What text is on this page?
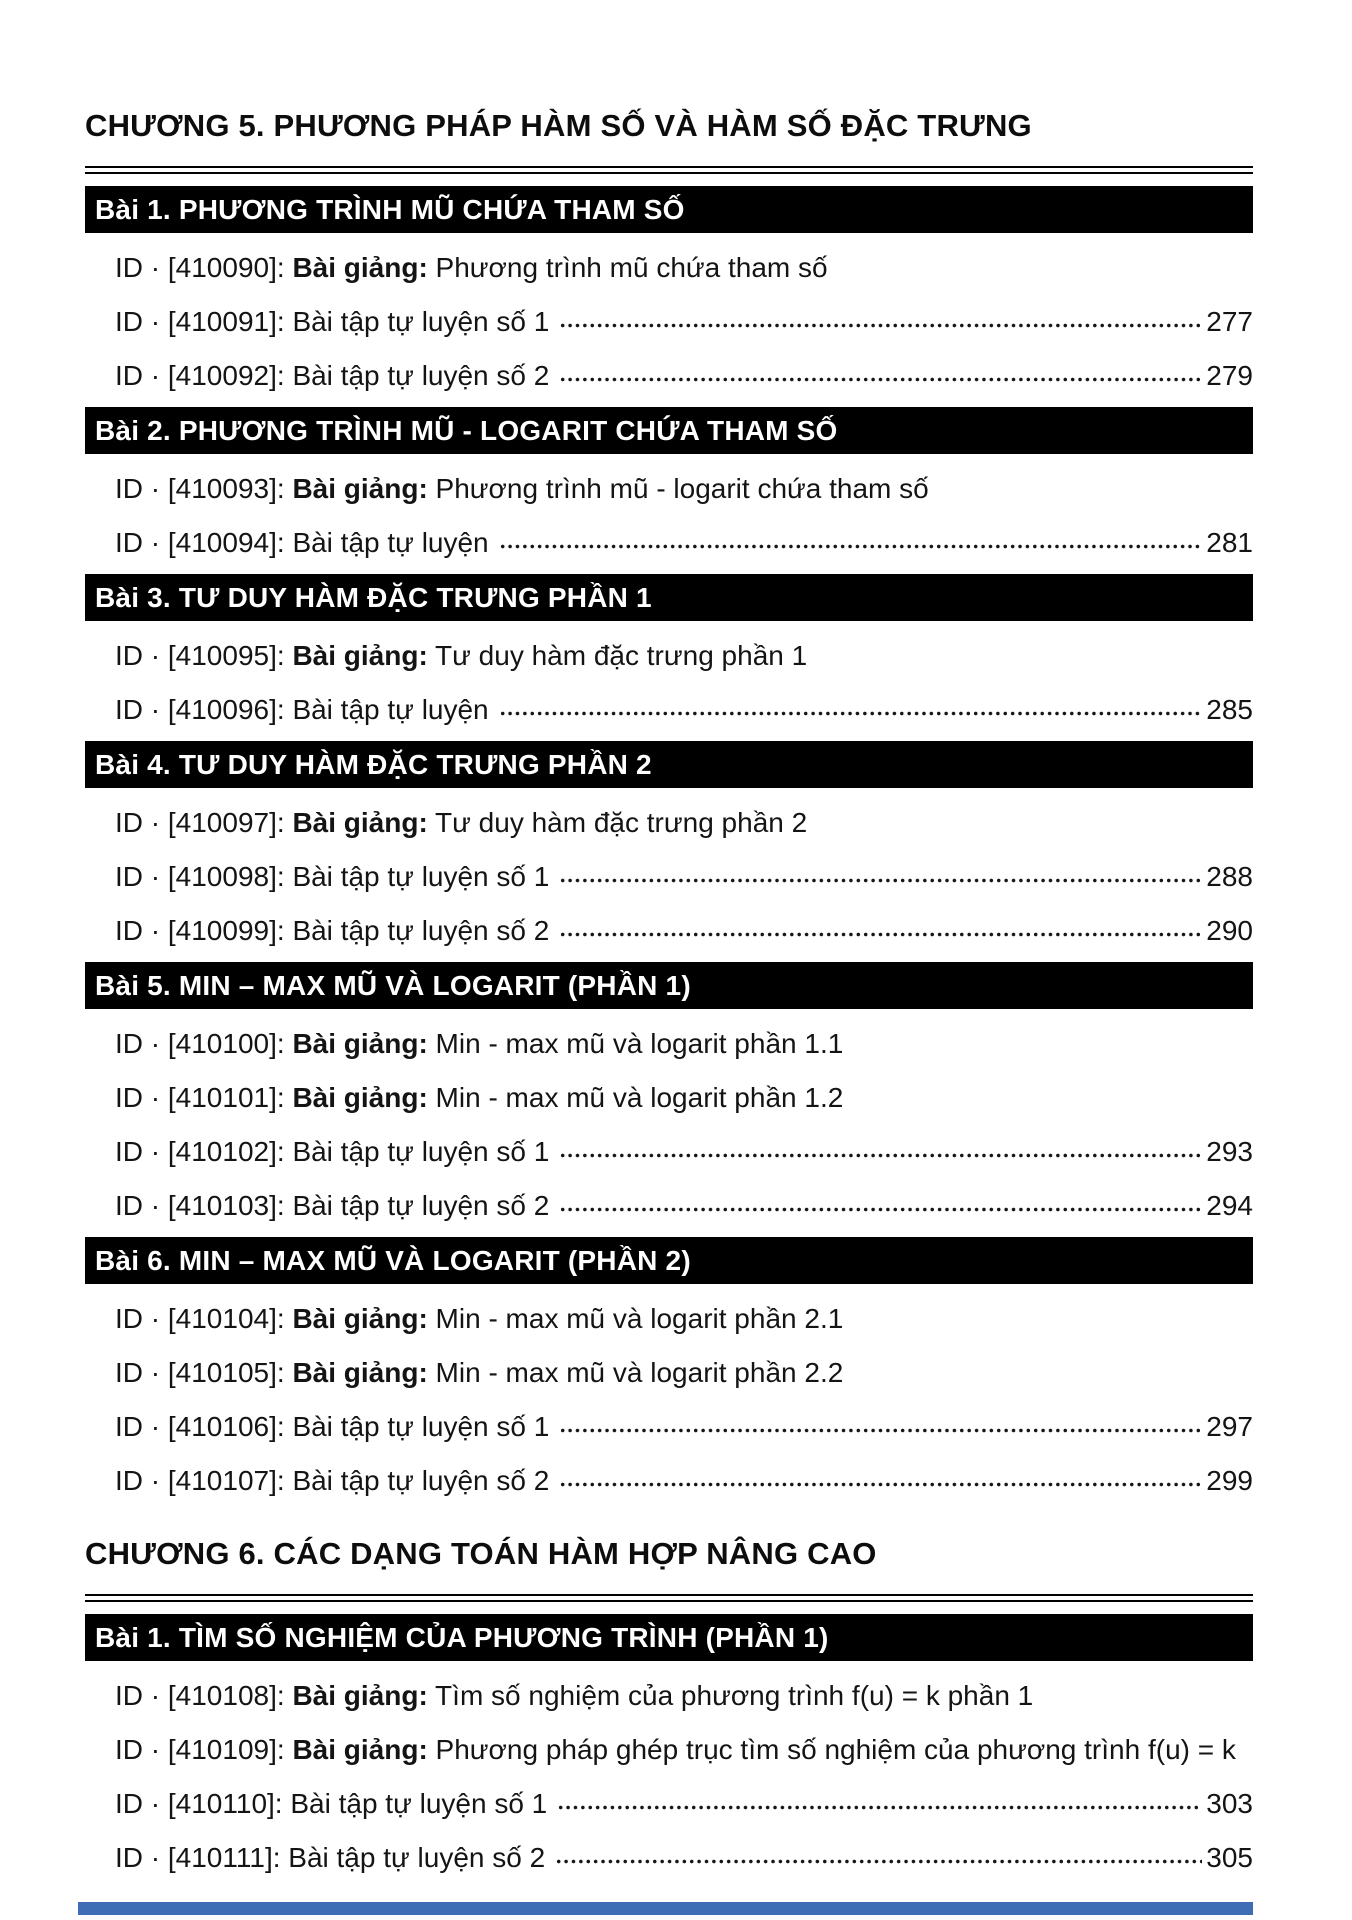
CHƯƠNG 5. PHƯƠNG PHÁP HÀM SỐ VÀ HÀM SỐ ĐẶC TRƯNG
Bài 1. PHƯƠNG TRÌNH MŨ CHỨA THAM SỐ
ID · [410090]: Bài giảng: Phương trình mũ chứa tham số
ID · [410091]: Bài tập tự luyện số 1	277
ID · [410092]: Bài tập tự luyện số 2	279
Bài 2. PHƯƠNG TRÌNH MŨ - LOGARIT CHỨA THAM SỐ
ID · [410093]: Bài giảng: Phương trình mũ - logarit chứa tham số
ID · [410094]: Bài tập tự luyện	281
Bài 3. TƯ DUY HÀM ĐẶC TRƯNG PHẦN 1
ID · [410095]: Bài giảng: Tư duy hàm đặc trưng phần 1
ID · [410096]: Bài tập tự luyện	285
Bài 4. TƯ DUY HÀM ĐẶC TRƯNG PHẦN 2
ID · [410097]: Bài giảng: Tư duy hàm đặc trưng phần 2
ID · [410098]: Bài tập tự luyện số 1	288
ID · [410099]: Bài tập tự luyện số 2	290
Bài 5. MIN – MAX MŨ VÀ LOGARIT (PHẦN 1)
ID · [410100]: Bài giảng: Min - max mũ và logarit phần 1.1
ID · [410101]: Bài giảng: Min - max mũ và logarit phần 1.2
ID · [410102]: Bài tập tự luyện số 1	293
ID · [410103]: Bài tập tự luyện số 2	294
Bài 6. MIN – MAX MŨ VÀ LOGARIT (PHẦN 2)
ID · [410104]: Bài giảng: Min - max mũ và logarit phần 2.1
ID · [410105]: Bài giảng: Min - max mũ và logarit phần 2.2
ID · [410106]: Bài tập tự luyện số 1	297
ID · [410107]: Bài tập tự luyện số 2	299
CHƯƠNG 6. CÁC DẠNG TOÁN HÀM HỢP NÂNG CAO
Bài 1. TÌM SỐ NGHIỆM CỦA PHƯƠNG TRÌNH (PHẦN 1)
ID · [410108]: Bài giảng: Tìm số nghiệm của phương trình f(u) = k phần 1
ID · [410109]: Bài giảng: Phương pháp ghép trục tìm số nghiệm của phương trình f(u) = k
ID · [410110]: Bài tập tự luyện số 1	303
ID · [410111]: Bài tập tự luyện số 2	305
